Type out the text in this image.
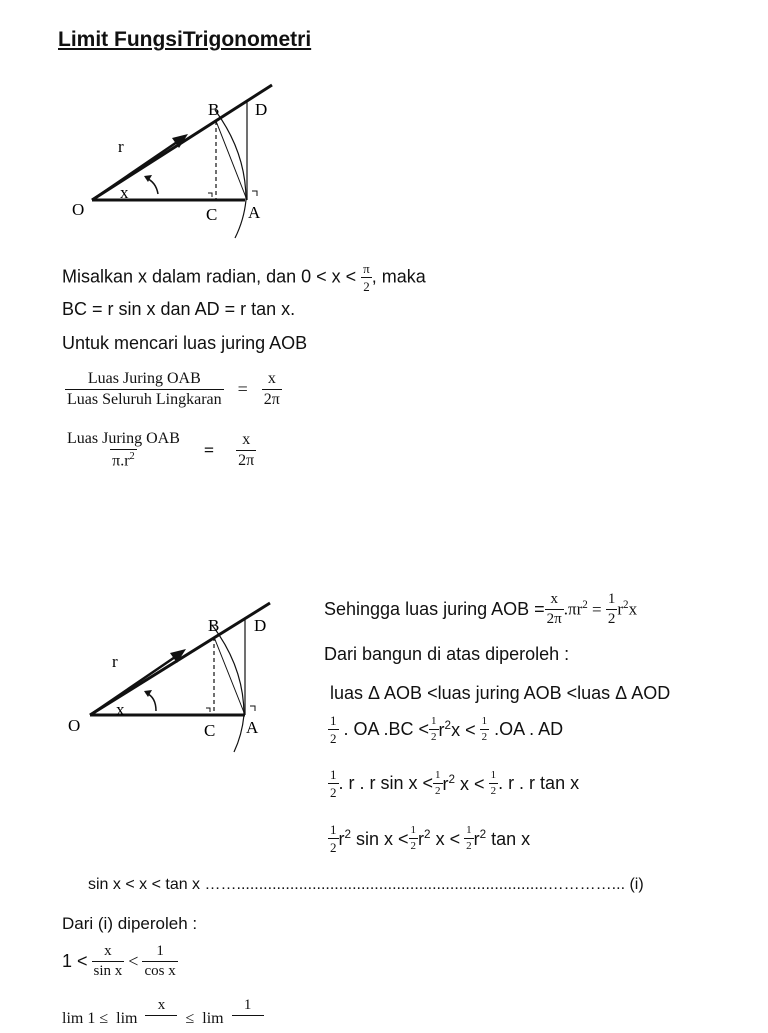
Limit FungsiTrigonometri
O	A
B
C
D
r
x
Misalkan x dalam radian, dan $0 < x < \frac{\pi}{2}$ , maka
BC = r sin x dan AD = r tan x.
Untuk mencari luas juring AOB
$\frac{\text{Luas Juring OAB}}{\text{Luas Seluruh Lingkaran}} = \frac{x}{2\pi}$
$\frac{\text{Luas Juring OAB}}{\pi.r^2} = \frac{x}{2\pi}$
O	A
B
C
D
r
x
Sehingga luas juring AOB = $\frac{x}{2\pi} .\pi r^2 = \frac{1}{2} r^2x$
Dari bangun di atas diperoleh :
luas Δ AOB <luas juring AOB <luas Δ AOD
$\frac{1}{2}$ . OA $.BC < \frac{1}{2} r^2x < \frac{1}{2} .OA$ . AD
$\frac{1}{2}$ . r . r $\sin x < \frac{1}{2} r^2$ $x < \frac{1}{2}$ . r . r tan x
$\frac{1}{2} r^2$ $\sin x < \frac{1}{2} r^2$ $x < \frac{1}{2} r^2$ tan x
sin x < x < tan x ……......................................................................…………... (i)
Dari (i) diperoleh :
$1 < \frac{x}{\text{sin x}} < \frac{1}{\text{cos x}}$
lim 1 ≤ lim
x

≤ lim
1
